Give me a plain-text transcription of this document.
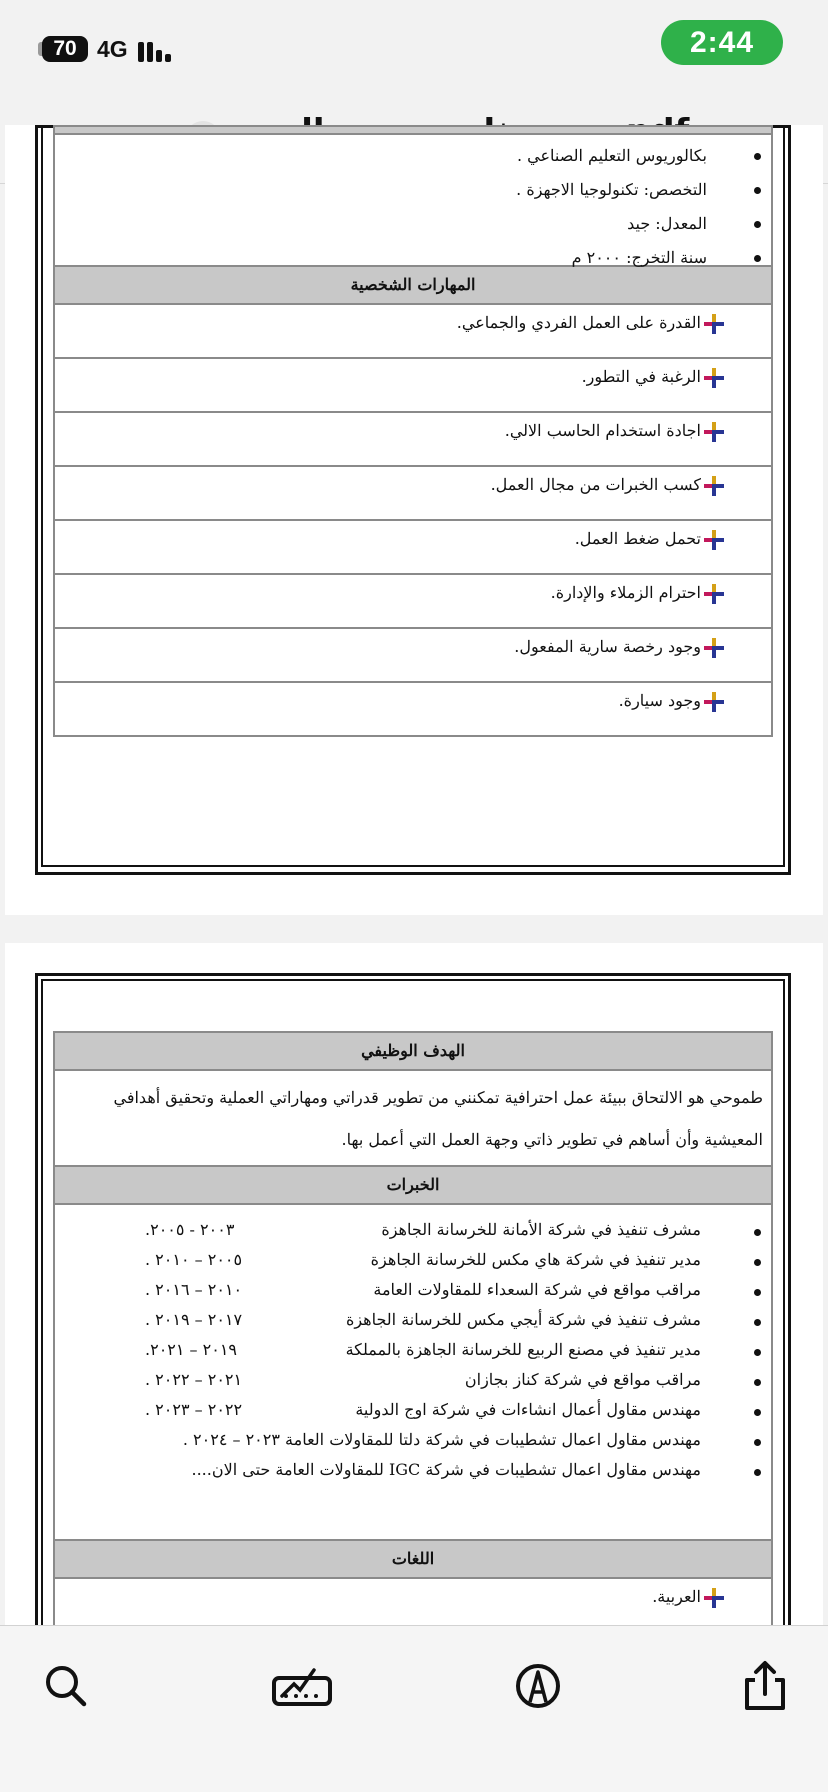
70 4G	2:44
بكالوريوس التعليم الصناعي .
التخصص: تكنولوجيا الاجهزة .
المعدل: جيد
سنة التخرج: ٢٠٠٠ م
المهارات الشخصية
القدرة على العمل الفردي والجماعي.
الرغبة في التطور.
اجادة استخدام الحاسب الالي.
كسب الخبرات من مجال العمل.
تحمل ضغط العمل.
احترام الزملاء والإدارة.
وجود رخصة سارية المفعول.
وجود سيارة.
الهدف الوظيفي
طموحي هو الالتحاق ببيئة عمل احترافية تمكنني من تطوير قدراتي ومهاراتي العملية وتحقيق أهدافي
المعيشية وأن أساهم في تطوير ذاتي وجهة العمل التي أعمل بها.
الخبرات
مشرف تنفيذ في شركة الأمانة للخرسانة الجاهزة
٢٠٠٣ - ٢٠٠٥.
مدير تنفيذ في شركة هاي مكس للخرسانة الجاهزة
٢٠٠٥ – ٢٠١٠ .
مراقب مواقع في شركة السعداء للمقاولات العامة
٢٠١٠ – ٢٠١٦ .
مشرف تنفيذ في شركة أيجي مكس للخرسانة الجاهزة
٢٠١٧ – ٢٠١٩ .
مدير تنفيذ في مصنع الربيع للخرسانة الجاهزة بالمملكة
٢٠١٩ – ٢٠٢١.
مراقب مواقع في شركة كناز بجازان
٢٠٢١ – ٢٠٢٢ .
مهندس مقاول أعمال انشاءات في شركة اوج الدولية
٢٠٢٢ – ٢٠٢٣ .
مهندس مقاول اعمال تشطيبات في شركة دلتا للمقاولات العامة ٢٠٢٣ – ٢٠٢٤ .
مهندس مقاول اعمال تشطيبات في شركة IGC للمقاولات العامة حتى الان....
اللغات
العربية.
